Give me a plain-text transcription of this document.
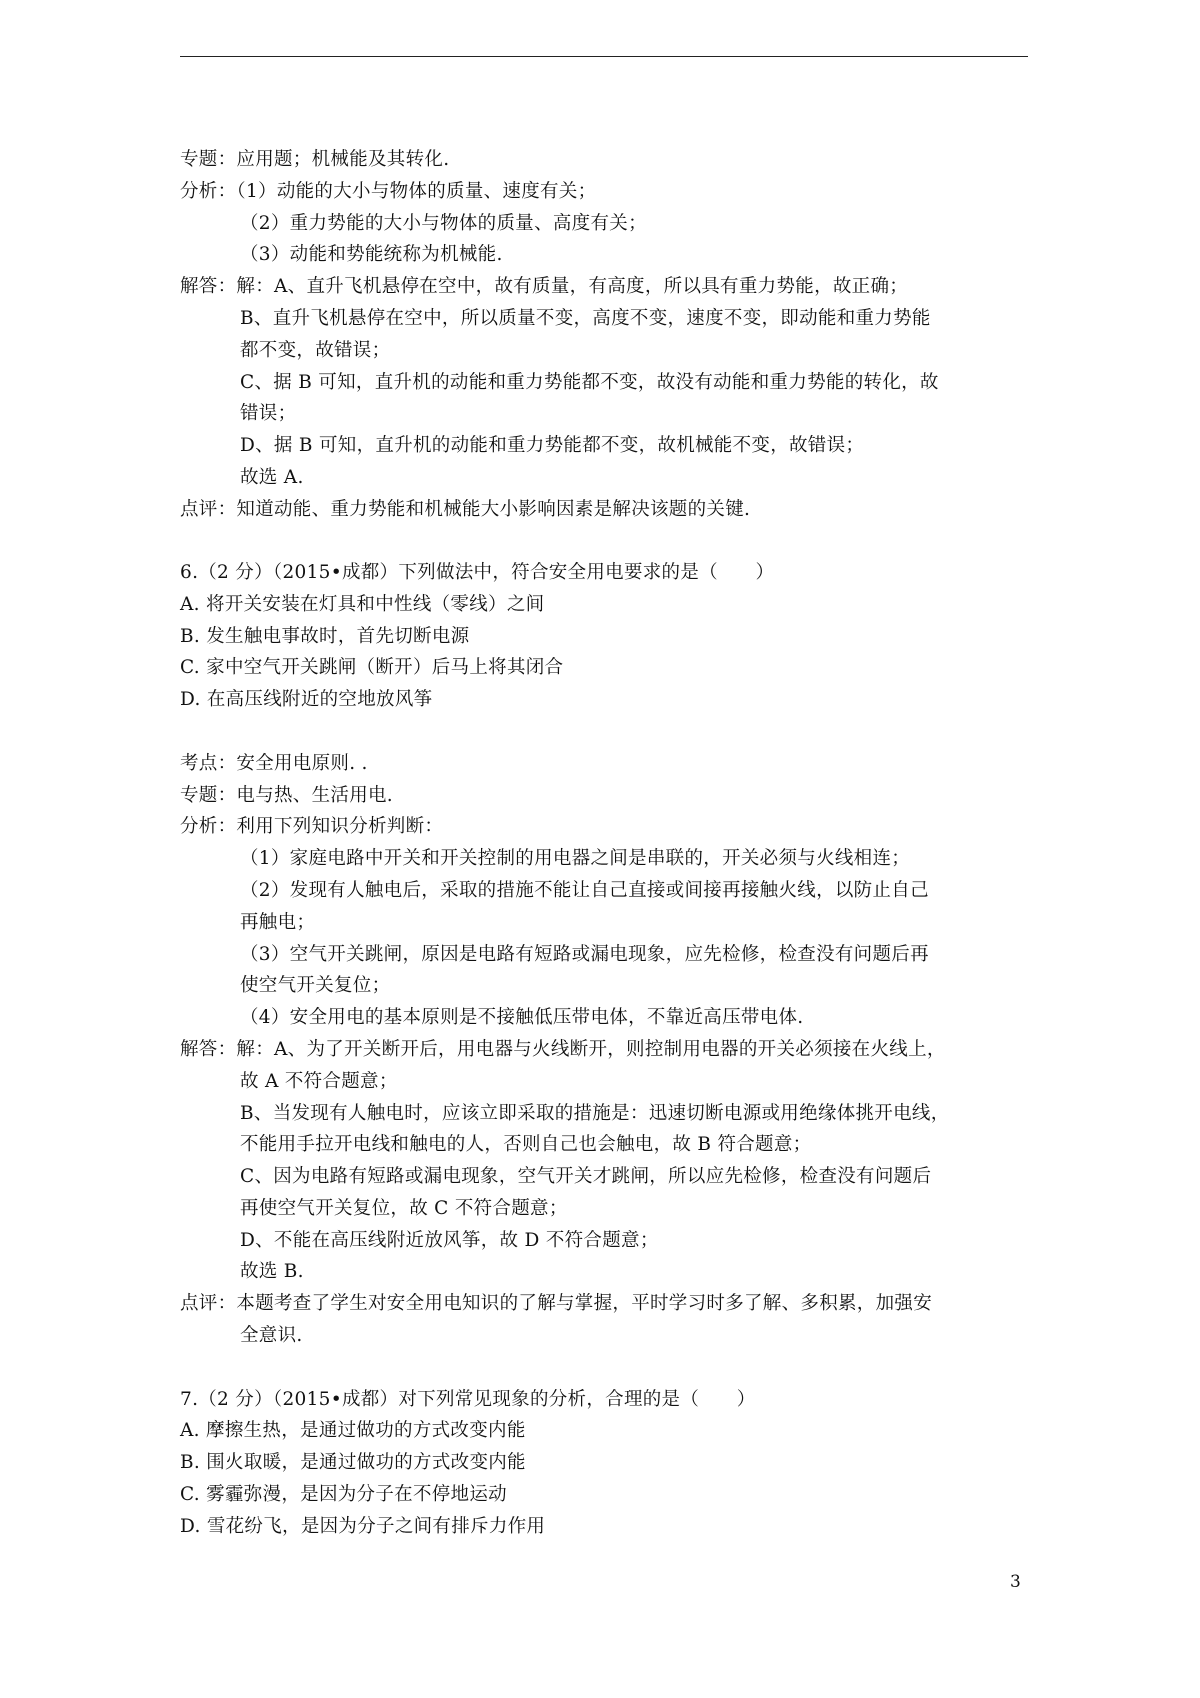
专题：应用题；机械能及其转化.
分析：（1）动能的大小与物体的质量、速度有关；
（2）重力势能的大小与物体的质量、高度有关；
（3）动能和势能统称为机械能.
解答：解：A、直升飞机悬停在空中，故有质量，有高度，所以具有重力势能，故正确；
B、直升飞机悬停在空中，所以质量不变，高度不变，速度不变，即动能和重力势能
都不变，故错误；
C、据 B 可知，直升机的动能和重力势能都不变，故没有动能和重力势能的转化，故
错误；
D、据 B 可知，直升机的动能和重力势能都不变，故机械能不变，故错误；
故选 A.
点评：知道动能、重力势能和机械能大小影响因素是解决该题的关键.
6.（2 分）（2015•成都）下列做法中，符合安全用电要求的是（　　）
A. 将开关安装在灯具和中性线（零线）之间
B. 发生触电事故时，首先切断电源
C. 家中空气开关跳闸（断开）后马上将其闭合
D. 在高压线附近的空地放风筝
考点：安全用电原则. .
专题：电与热、生活用电.
分析：利用下列知识分析判断：
（1）家庭电路中开关和开关控制的用电器之间是串联的，开关必须与火线相连；
（2）发现有人触电后，采取的措施不能让自己直接或间接再接触火线，以防止自己
再触电；
（3）空气开关跳闸，原因是电路有短路或漏电现象，应先检修，检查没有问题后再
使空气开关复位；
（4）安全用电的基本原则是不接触低压带电体，不靠近高压带电体.
解答：解：A、为了开关断开后，用电器与火线断开，则控制用电器的开关必须接在火线上，
故 A 不符合题意；
B、当发现有人触电时，应该立即采取的措施是：迅速切断电源或用绝缘体挑开电线，
不能用手拉开电线和触电的人，否则自己也会触电，故 B 符合题意；
C、因为电路有短路或漏电现象，空气开关才跳闸，所以应先检修，检查没有问题后
再使空气开关复位，故 C 不符合题意；
D、不能在高压线附近放风筝，故 D 不符合题意；
故选 B.
点评：本题考查了学生对安全用电知识的了解与掌握，平时学习时多了解、多积累，加强安
全意识.
7.（2 分）（2015•成都）对下列常见现象的分析，合理的是（　　）
A. 摩擦生热，是通过做功的方式改变内能
B. 围火取暖，是通过做功的方式改变内能
C. 雾霾弥漫，是因为分子在不停地运动
D. 雪花纷飞，是因为分子之间有排斥力作用
3
